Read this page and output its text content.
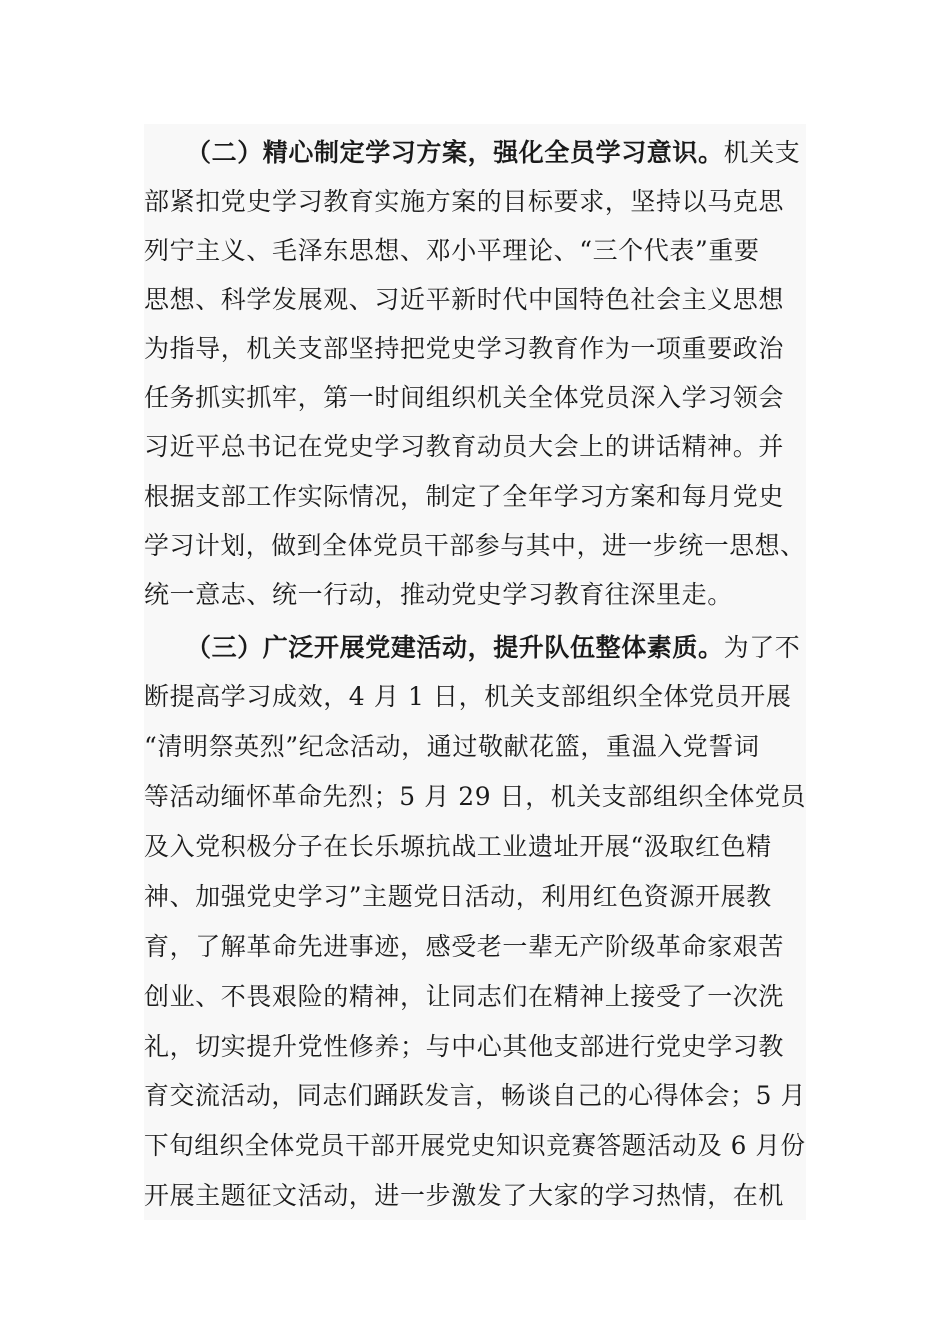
（二）精心制定学习方案，强化全员学习意识。机关支
部紧扣党史学习教育实施方案的目标要求，坚持以马克思
列宁主义、毛泽东思想、邓小平理论、“三个代表”重要
思想、科学发展观、习近平新时代中国特色社会主义思想
为指导，机关支部坚持把党史学习教育作为一项重要政治
任务抓实抓牢，第一时间组织机关全体党员深入学习领会
习近平总书记在党史学习教育动员大会上的讲话精神。并
根据支部工作实际情况，制定了全年学习方案和每月党史
学习计划，做到全体党员干部参与其中，进一步统一思想、
统一意志、统一行动，推动党史学习教育往深里走。
（三）广泛开展党建活动，提升队伍整体素质。为了不
断提高学习成效，4 月 1 日，机关支部组织全体党员开展
“清明祭英烈”纪念活动，通过敬献花篮，重温入党誓词
等活动缅怀革命先烈；5 月 29 日，机关支部组织全体党员
及入党积极分子在长乐塬抗战工业遗址开展“汲取红色精
神、加强党史学习”主题党日活动，利用红色资源开展教
育，了解革命先进事迹，感受老一辈无产阶级革命家艰苦
创业、不畏艰险的精神，让同志们在精神上接受了一次洗
礼，切实提升党性修养；与中心其他支部进行党史学习教
育交流活动，同志们踊跃发言，畅谈自己的心得体会；5 月
下旬组织全体党员干部开展党史知识竞赛答题活动及 6 月份
开展主题征文活动，进一步激发了大家的学习热情，在机
